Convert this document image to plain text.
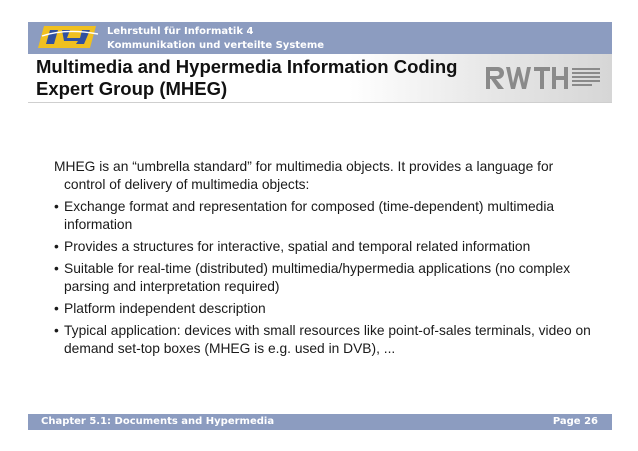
Lehrstuhl für Informatik 4
Kommunikation und verteilte Systeme
Multimedia and Hypermedia Information Coding
Expert Group (MHEG)

MHEG is an “umbrella standard” for multimedia objects. It provides a language for control of delivery of multimedia objects:

• Exchange format and representation for composed (time-dependent) multimedia information
• Provides a structures for interactive, spatial and temporal related information
• Suitable for real-time (distributed) multimedia/hypermedia applications (no complex parsing and interpretation required)
• Platform independent description
• Typical application: devices with small resources like point-of-sales terminals, video on demand set-top boxes (MHEG is e.g. used in DVB), ...
Chapter 5.1: Documents and Hypermedia	Page 26
